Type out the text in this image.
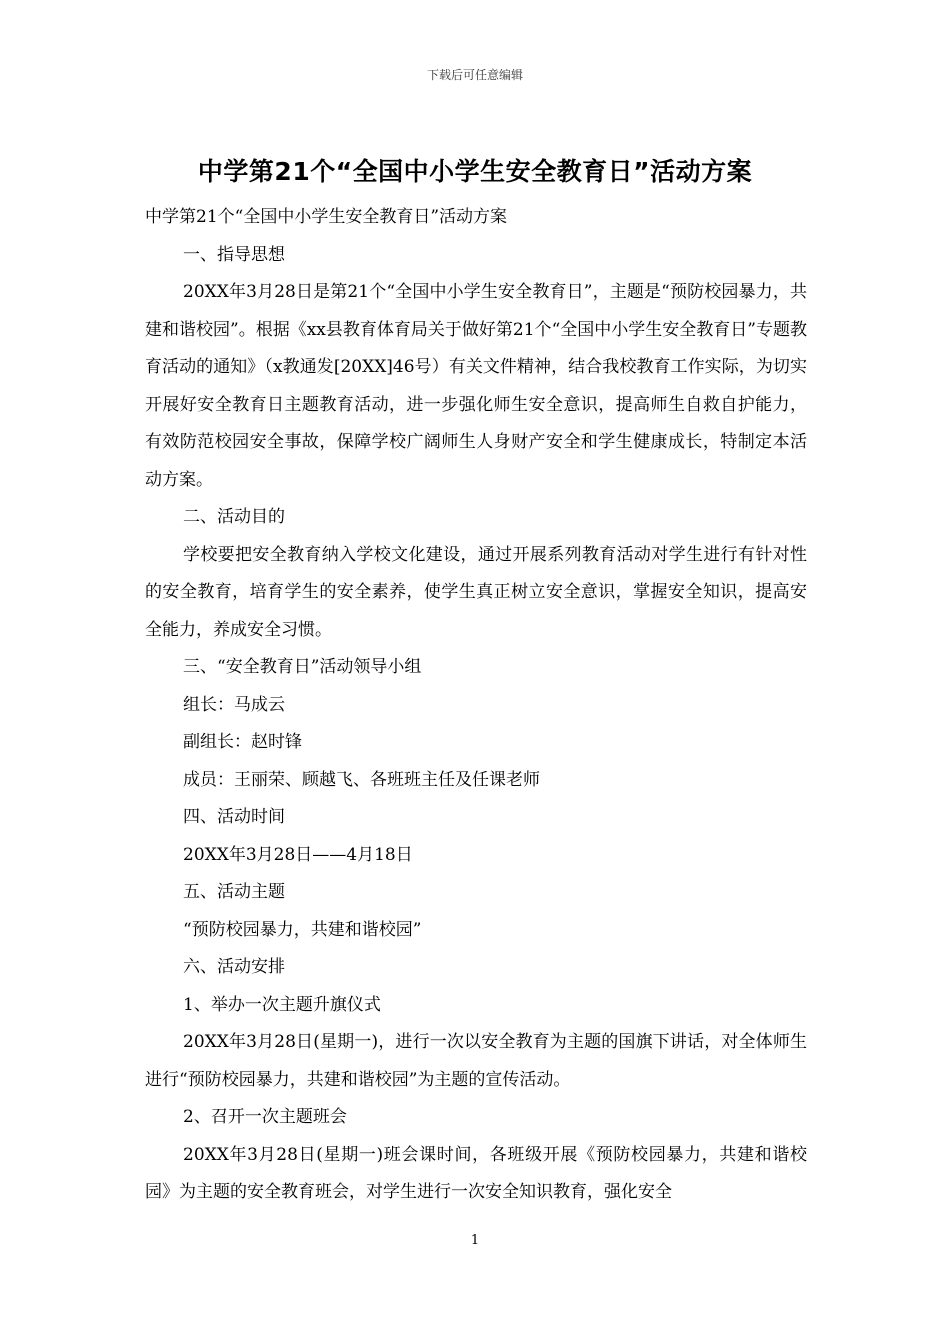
下载后可任意编辑
中学第21个“全国中小学生安全教育日”活动方案

中学第21个“全国中小学生安全教育日”活动方案

一、指导思想

20XX年3月28日是第21个“全国中小学生安全教育日”，主题是“预防校园暴力，共建和谐校园”。根据《xx县教育体育局关于做好第21个“全国中小学生安全教育日”专题教育活动的通知》（x教通发[20XX]46号）有关文件精神，结合我校教育工作实际，为切实开展好安全教育日主题教育活动，进一步强化师生安全意识，提高师生自救自护能力，有效防范校园安全事故，保障学校广阔师生人身财产安全和学生健康成长，特制定本活动方案。

二、活动目的

学校要把安全教育纳入学校文化建设，通过开展系列教育活动对学生进行有针对性的安全教育，培育学生的安全素养，使学生真正树立安全意识，掌握安全知识，提高安全能力，养成安全习惯。

三、“安全教育日”活动领导小组

组长：马成云

副组长：赵时锋

成员：王丽荣、顾越飞、各班班主任及任课老师

四、活动时间

20XX年3月28日——4月18日

五、活动主题

“预防校园暴力，共建和谐校园”

六、活动安排

1、举办一次主题升旗仪式

20XX年3月28日(星期一)，进行一次以安全教育为主题的国旗下讲话，对全体师生进行“预防校园暴力，共建和谐校园”为主题的宣传活动。

2、召开一次主题班会

20XX年3月28日(星期一)班会课时间，各班级开展《预防校园暴力，共建和谐校园》为主题的安全教育班会，对学生进行一次安全知识教育，强化安全

1
